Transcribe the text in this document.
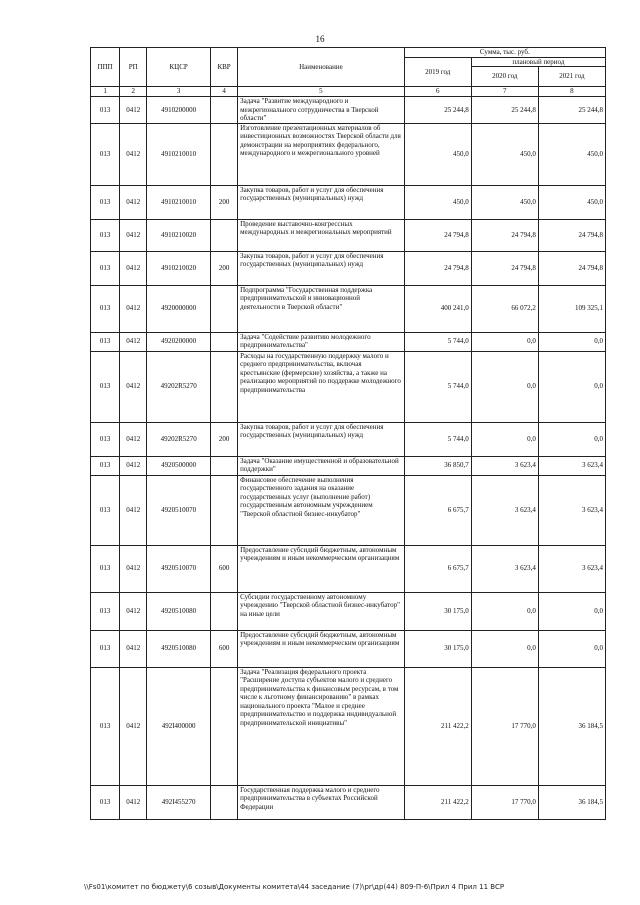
16
ППП	РП	КЦСР	КВР	Наименование	Сумма, тыс. руб.		
					2019 год	плановый период	
						2020 год	2021 год
1	2	3	4	5	6	7	8
013	0412	4910200000		Задача "Развитие международного и межрегионального сотрудничества в Тверской области"	25 244,8	25 244,8	25 244,8
013	0412	4910210010		Изготовление презентационных материалов об инвестиционных возможностях Тверской области для демонстрации на мероприятиях федерального, международного и межрегионального уровней	450,0	450,0	450,0
013	0412	4910210010	200	Закупка товаров, работ и услуг для обеспечения государственных (муниципальных) нужд	450,0	450,0	450,0
013	0412	4910210020		Проведение выставочно-конгрессных международных и межрегиональных мероприятий	24 794,8	24 794,8	24 794,8
013	0412	4910210020	200	Закупка товаров, работ и услуг для обеспечения государственных (муниципальных) нужд	24 794,8	24 794,8	24 794,8
013	0412	4920000000		Подпрограмма "Государственная поддержка предпринимательской и инновационной деятельности в Тверской области"	400 241,0	66 072,2	109 325,1
013	0412	4920200000		Задача "Содействие развитию молодежного предпринимательства"	5 744,0	0,0	0,0
013	0412	49202R5270		Расходы на государственную поддержку малого и среднего предпринимательства, включая крестьянские (фермерские) хозяйства, а также на реализацию мероприятий по поддержке молодежного предпринимательства	5 744,0	0,0	0,0
013	0412	49202R5270	200	Закупка товаров, работ и услуг для обеспечения государственных (муниципальных) нужд	5 744,0	0,0	0,0
013	0412	4920500000		Задача "Оказание имущественной и образовательной поддержки"	36 850,7	3 623,4	3 623,4
013	0412	4920510070		Финансовое обеспечение выполнения государственного задания на оказание государственных услуг (выполнение работ) государственным автономным учреждением "Тверской областной бизнес-инкубатор"	6 675,7	3 623,4	3 623,4
013	0412	4920510070	600	Предоставление субсидий бюджетным, автономным учреждениям и иным некоммерческим организациям	6 675,7	3 623,4	3 623,4
013	0412	4920510080		Субсидии государственному автономному учреждению "Тверской областной бизнес-инкубатор" на иные цели	30 175,0	0,0	0,0
013	0412	4920510080	600	Предоставление субсидий бюджетным, автономным учреждениям и иным некоммерческим организациям	30 175,0	0,0	0,0
013	0412	492I400000		Задача "Реализация федерального проекта "Расширение доступа субъектов малого и среднего предпринимательства к финансовым ресурсам, в том числе к льготному финансированию" в рамках национального проекта "Малое и среднее предпринимательство и поддержка индивидуальной предпринимательской инициативы"	211 422,2	17 770,0	36 184,5
013	0412	492I455270		Государственная поддержка малого и среднего предпринимательства в субъектах Российской Федерации	211 422,2	17 770,0	36 184,5
\\Fs01\комитет по бюджету\6 созыв\Документы комитета\44 заседание (7)\pr\др(44) 809-П-6\Прил 4 Прил 11 ВСР
